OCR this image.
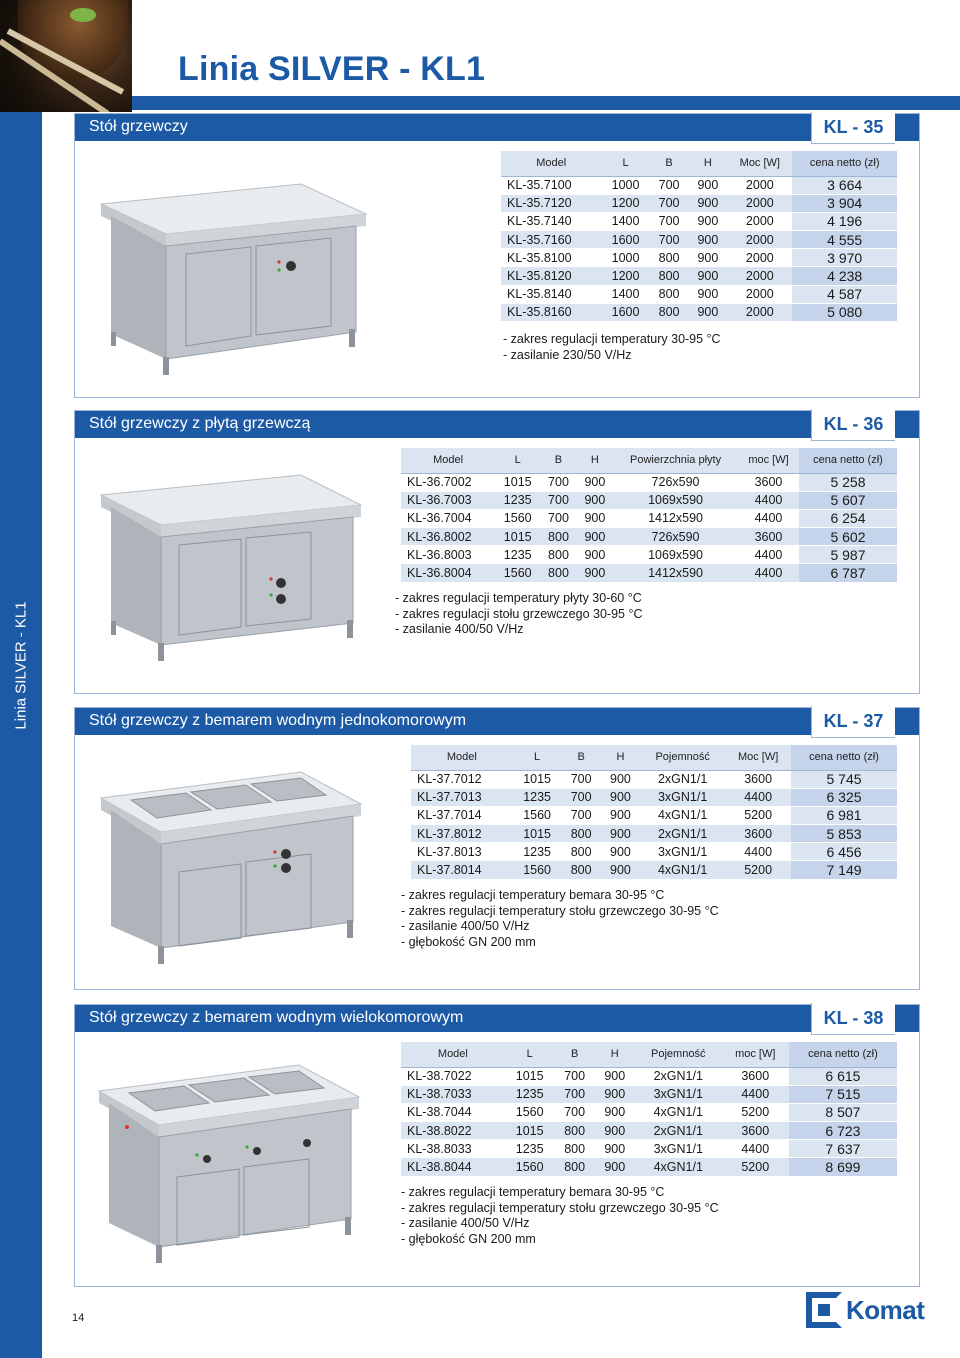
Linia SILVER - KL1
Linia SILVER - KL1
Stół grzewczy	KL - 35
Model	L	B	H	Moc [W]	cena netto (zł)
KL-35.7100	1000	700	900	2000	3 664
KL-35.7120	1200	700	900	2000	3 904
KL-35.7140	1400	700	900	2000	4 196
KL-35.7160	1600	700	900	2000	4 555
KL-35.8100	1000	800	900	2000	3 970
KL-35.8120	1200	800	900	2000	4 238
KL-35.8140	1400	800	900	2000	4 587
KL-35.8160	1600	800	900	2000	5 080
- zakres regulacji temperatury 30-95 °C
- zasilanie 230/50 V/Hz
Stół grzewczy z płytą grzewczą	KL - 36
Model	L	B	H	Powierzchnia płyty	moc [W]	cena netto (zł)
KL-36.7002	1015	700	900	726x590	3600	5 258
KL-36.7003	1235	700	900	1069x590	4400	5 607
KL-36.7004	1560	700	900	1412x590	4400	6 254
KL-36.8002	1015	800	900	726x590	3600	5 602
KL-36.8003	1235	800	900	1069x590	4400	5 987
KL-36.8004	1560	800	900	1412x590	4400	6 787
- zakres regulacji temperatury płyty 30-60 °C
- zakres regulacji stołu grzewczego 30-95 °C
- zasilanie 400/50 V/Hz
Stół grzewczy z bemarem wodnym jednokomorowym	KL - 37
Model	L	B	H	Pojemność	Moc [W]	cena netto (zł)
KL-37.7012	1015	700	900	2xGN1/1	3600	5 745
KL-37.7013	1235	700	900	3xGN1/1	4400	6 325
KL-37.7014	1560	700	900	4xGN1/1	5200	6 981
KL-37.8012	1015	800	900	2xGN1/1	3600	5 853
KL-37.8013	1235	800	900	3xGN1/1	4400	6 456
KL-37.8014	1560	800	900	4xGN1/1	5200	7 149
- zakres regulacji temperatury bemara 30-95 °C
- zakres regulacji temperatury stołu grzewczego 30-95 °C
- zasilanie 400/50 V/Hz
- głębokość GN 200 mm
Stół grzewczy z bemarem wodnym wielokomorowym	KL - 38
Model	L	B	H	Pojemność	moc [W]	cena netto (zł)
KL-38.7022	1015	700	900	2xGN1/1	3600	6 615
KL-38.7033	1235	700	900	3xGN1/1	4400	7 515
KL-38.7044	1560	700	900	4xGN1/1	5200	8 507
KL-38.8022	1015	800	900	2xGN1/1	3600	6 723
KL-38.8033	1235	800	900	3xGN1/1	4400	7 637
KL-38.8044	1560	800	900	4xGN1/1	5200	8 699
- zakres regulacji temperatury bemara 30-95 °C
- zakres regulacji temperatury stołu grzewczego 30-95 °C
- zasilanie 400/50 V/Hz
- głębokość GN 200 mm
14	Komat
